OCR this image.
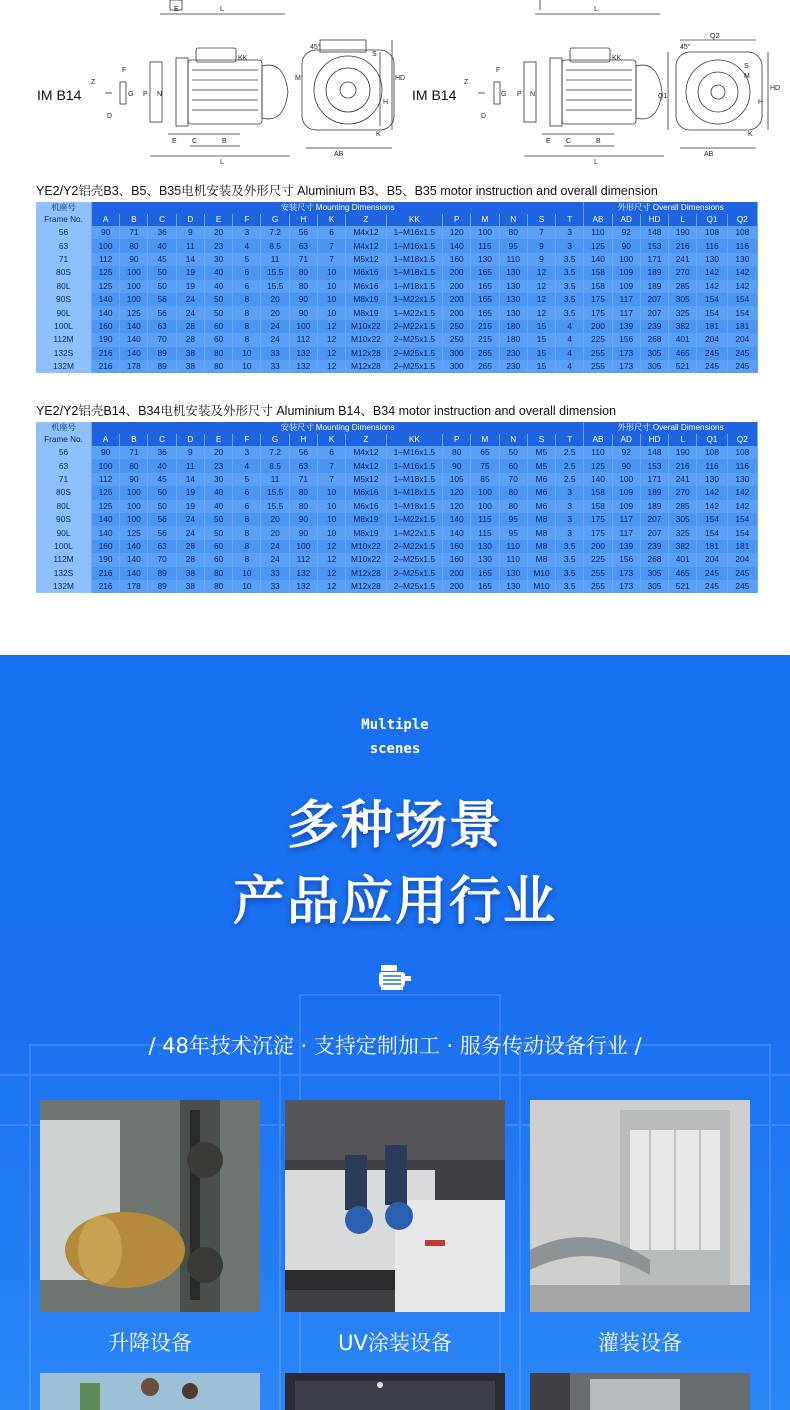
KK	KK
45°	45°
S
S
M	M
HD
HD
H	H
K	K
AB	AB
L	L
L	L
E
E
E
B	B
C	C
P	P
N	N
Z	Z
G	G
F	F
D	D
Q1
Q2
IM B14	IM B14
YE2/Y2铝壳B3、B5、B35电机安装及外形尺寸 Aluminium B3、B5、B35 motor instruction and overall dimension
机座号	安装尺寸 Mounting Dimensions																外形尺寸 Overall Dimensions					
Frame No.	A	B	C	D	E	F	G	H	K	Z	KK	P	M	N	S	T	AB	AD	HD	L	Q1	Q2
56	90	71	36	9	20	3	7.2	56	6	M4x12	1–M16x1.5	120	100	80	7	3	110	92	148	190	108	108
63	100	80	40	11	23	4	8.5	63	7	M4x12	1–M16x1.5	140	115	95	9	3	125	90	153	216	116	116
71	112	90	45	14	30	5	11	71	7	M5x12	1–M18x1.5	160	130	110	9	3.5	140	100	171	241	130	130
80S	125	100	50	19	40	6	15.5	80	10	M6x16	1–M18x1.5	200	165	130	12	3.5	158	109	189	270	142	142
80L	125	100	50	19	40	6	15.5	80	10	M6x16	1–M18x1.5	200	165	130	12	3.5	158	109	189	285	142	142
90S	140	100	56	24	50	8	20	90	10	M8x19	1–M22x1.5	200	165	130	12	3.5	175	117	207	305	154	154
90L	140	125	56	24	50	8	20	90	10	M8x19	1–M22x1.5	200	165	130	12	3.5	175	117	207	325	154	154
100L	160	140	63	28	60	8	24	100	12	M10x22	2–M22x1.5	250	215	180	15	4	200	139	239	382	181	181
112M	190	140	70	28	60	8	24	112	12	M10x22	2–M25x1.5	250	215	180	15	4	225	156	268	401	204	204
132S	216	140	89	38	80	10	33	132	12	M12x28	2–M25x1.5	300	265	230	15	4	255	173	305	465	245	245
132M	216	178	89	38	80	10	33	132	12	M12x28	2–M25x1.5	300	265	230	15	4	255	173	305	521	245	245
YE2/Y2铝壳B14、B34电机安装及外形尺寸 Aluminium B14、B34 motor instruction and overall dimension
机座号	安装尺寸 Mounting Dimensions																外形尺寸 Overall Dimensions					
Frame No.	A	B	C	D	E	F	G	H	K	Z	KK	P	M	N	S	T	AB	AD	HD	L	Q1	Q2
56	90	71	36	9	20	3	7.2	56	6	M4x12	1–M16x1.5	80	65	50	M5	2.5	110	92	148	190	108	108
63	100	80	40	11	23	4	8.5	63	7	M4x12	1–M16x1.5	90	75	60	M5	2.5	125	90	153	216	116	116
71	112	90	45	14	30	5	11	71	7	M5x12	1–M18x1.5	105	85	70	M6	2.5	140	100	171	241	130	130
80S	125	100	50	19	40	6	15.5	80	10	M6x16	1–M18x1.5	120	100	80	M6	3	158	109	189	270	142	142
80L	125	100	50	19	40	6	15.5	80	10	M6x16	1–M18x1.5	120	100	80	M6	3	158	109	189	285	142	142
90S	140	100	56	24	50	8	20	90	10	M8x19	1–M22x1.5	140	115	95	M8	3	175	117	207	305	154	154
90L	140	125	56	24	50	8	20	90	10	M8x19	1–M22x1.5	140	115	95	M8	3	175	117	207	325	154	154
100L	160	140	63	28	60	8	24	100	12	M10x22	2–M22x1.5	160	130	110	M8	3.5	200	139	239	382	181	181
112M	190	140	70	28	60	8	24	112	12	M10x22	2–M25x1.5	160	130	110	M8	3.5	225	156	268	401	204	204
132S	216	140	89	38	80	10	33	132	12	M12x28	2–M25x1.5	200	165	130	M10	3.5	255	173	305	465	245	245
132M	216	178	89	38	80	10	33	132	12	M12x28	2–M25x1.5	200	165	130	M10	3.5	255	173	305	521	245	245
Multiple
scenes
多种场景
产品应用行业
/ 48年技术沉淀 · 支持定制加工 · 服务传动设备行业 /
升降设备	UV涂装设备	灌装设备
